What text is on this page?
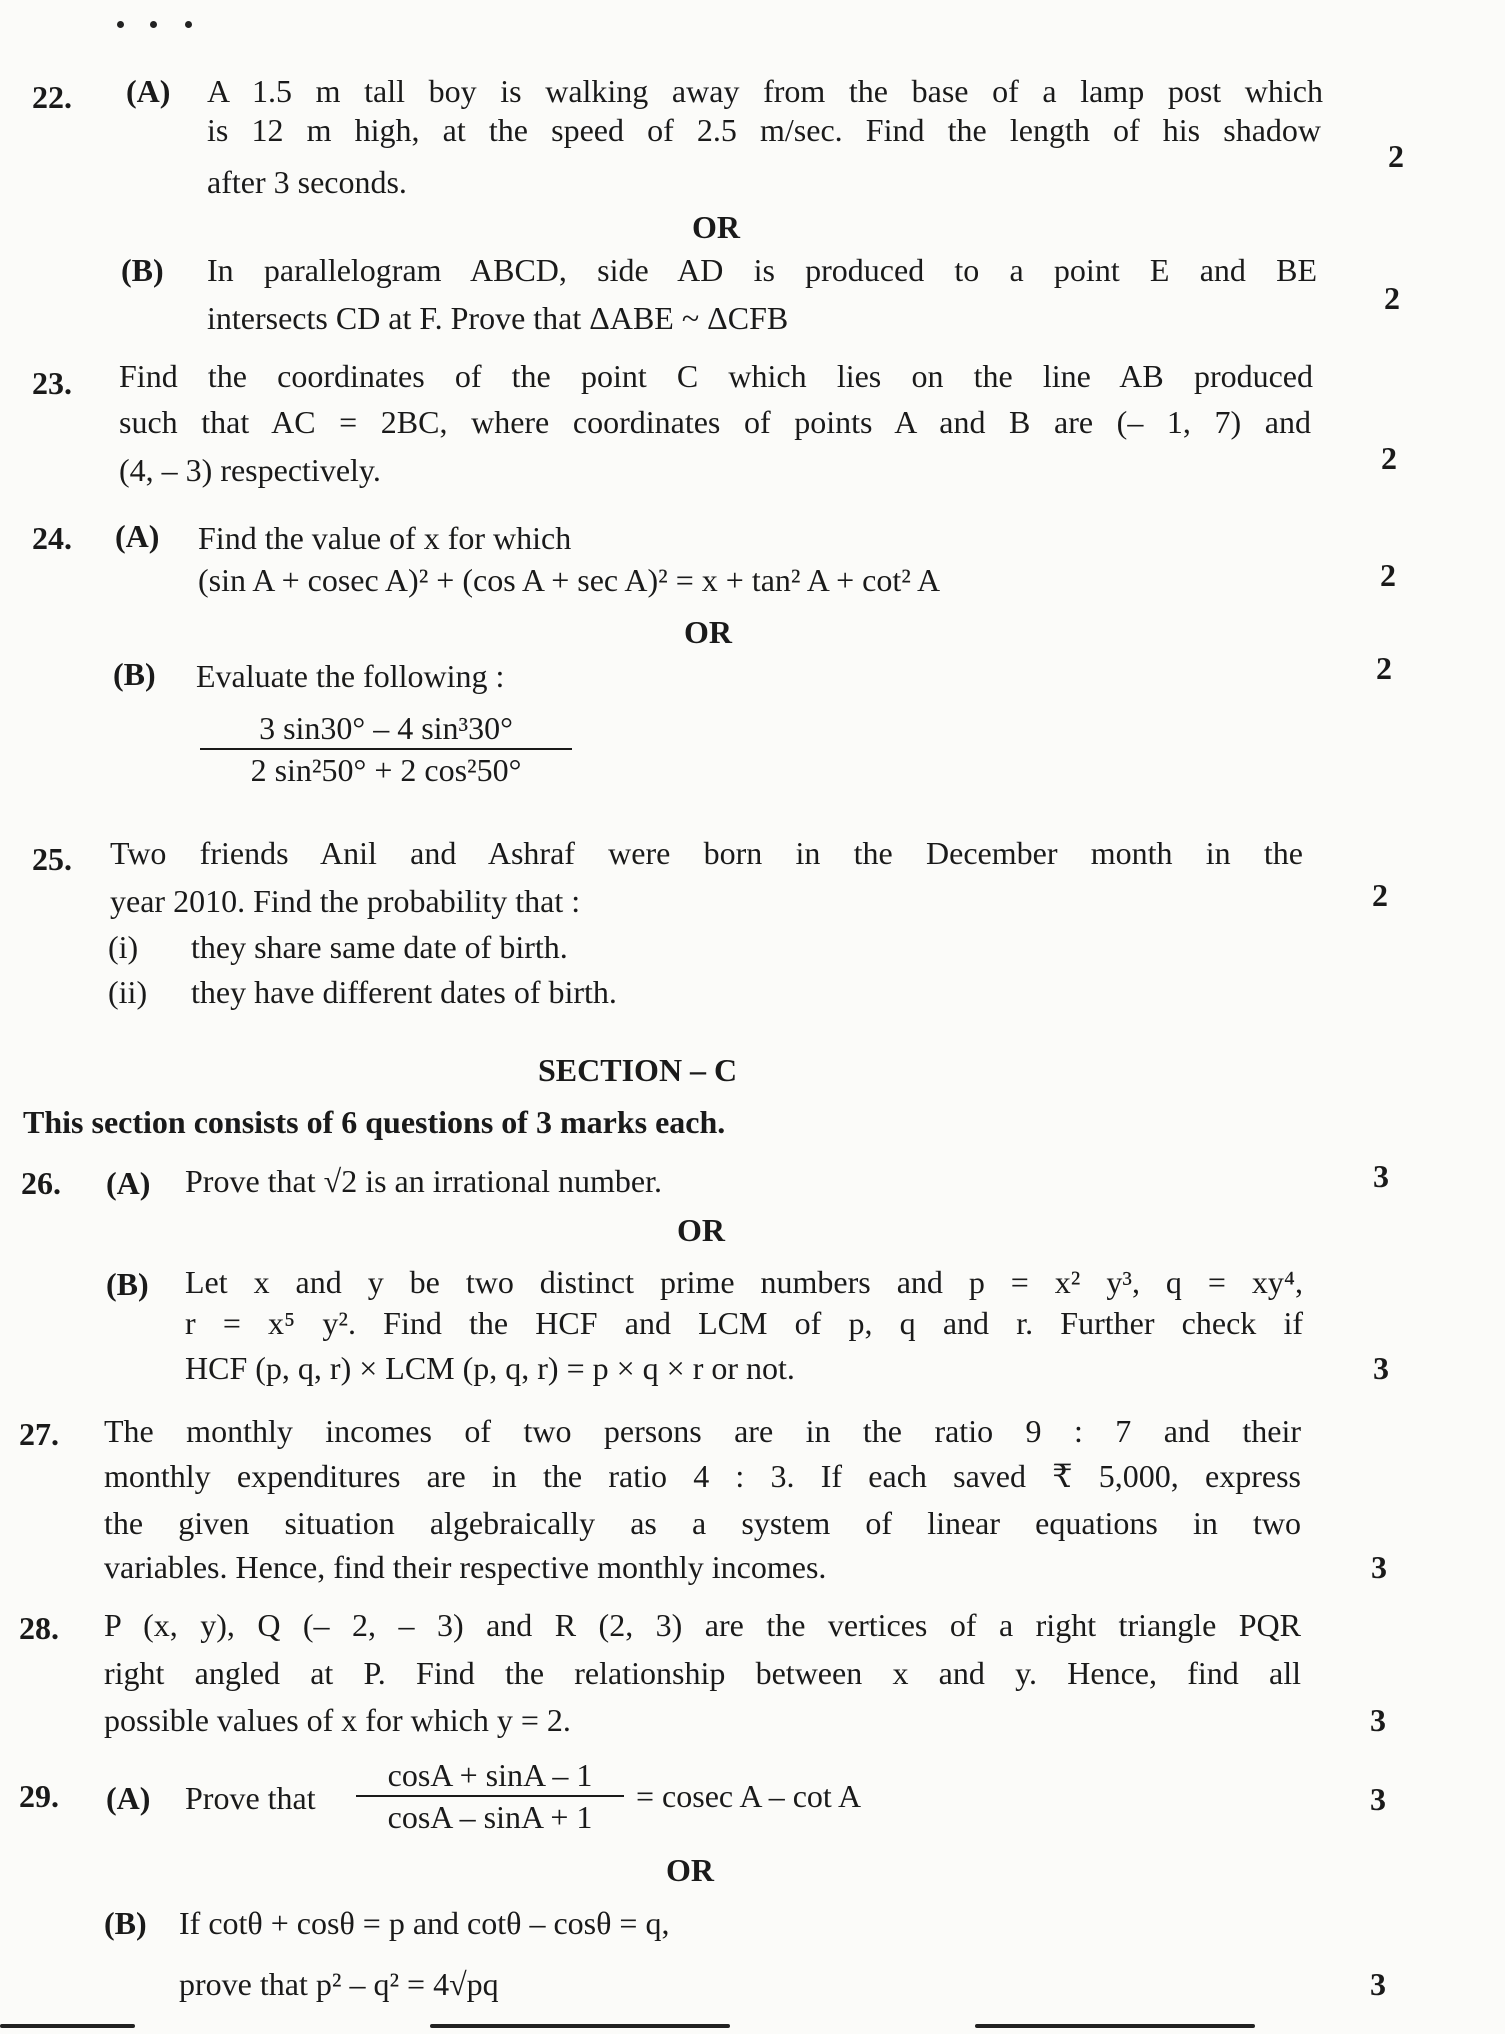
22. (A) A 1.5 m tall boy is walking away from the base of a lamp post which
is 12 m high, at the speed of 2.5 m/sec. Find the length of his shadow
after 3 seconds.
2
OR
(B) In parallelogram ABCD, side AD is produced to a point E and BE
intersects CD at F. Prove that ΔABE ~ ΔCFB
2
23. Find the coordinates of the point C which lies on the line AB produced
such that AC = 2BC, where coordinates of points A and B are (– 1, 7) and
(4, – 3) respectively.	2
24. (A) Find the value of x for which
(sin A + cosec A)² + (cos A + sec A)² = x + tan² A + cot² A	2
OR
(B) Evaluate the following :	2
3 sin30° – 4 sin³30°
2 sin²50° + 2 cos²50°
25. Two friends Anil and Ashraf were born in the December month in the
year 2010. Find the probability that :	2
(i) they share same date of birth.
(ii) they have different dates of birth.
SECTION – C
This section consists of 6 questions of 3 marks each.
26. (A) Prove that √2 is an irrational number.	3
OR
(B) Let x and y be two distinct prime numbers and p = x² y³, q = xy⁴,
r = x⁵ y². Find the HCF and LCM of p, q and r. Further check if
HCF (p, q, r) × LCM (p, q, r) = p × q × r or not.	3
27. The monthly incomes of two persons are in the ratio 9 : 7 and their
monthly expenditures are in the ratio 4 : 3. If each saved ₹ 5,000, express
the given situation algebraically as a system of linear equations in two
variables. Hence, find their respective monthly incomes.	3
28. P (x, y), Q (– 2, – 3) and R (2, 3) are the vertices of a right triangle PQR
right angled at P. Find the relationship between x and y. Hence, find all
possible values of x for which y = 2.	3
29. (A) Prove that
cosA + sinA – 1
cosA – sinA + 1
= cosec A – cot A	3
OR
(B) If cotθ + cosθ = p and cotθ – cosθ = q,
prove that p² – q² = 4√pq	3
